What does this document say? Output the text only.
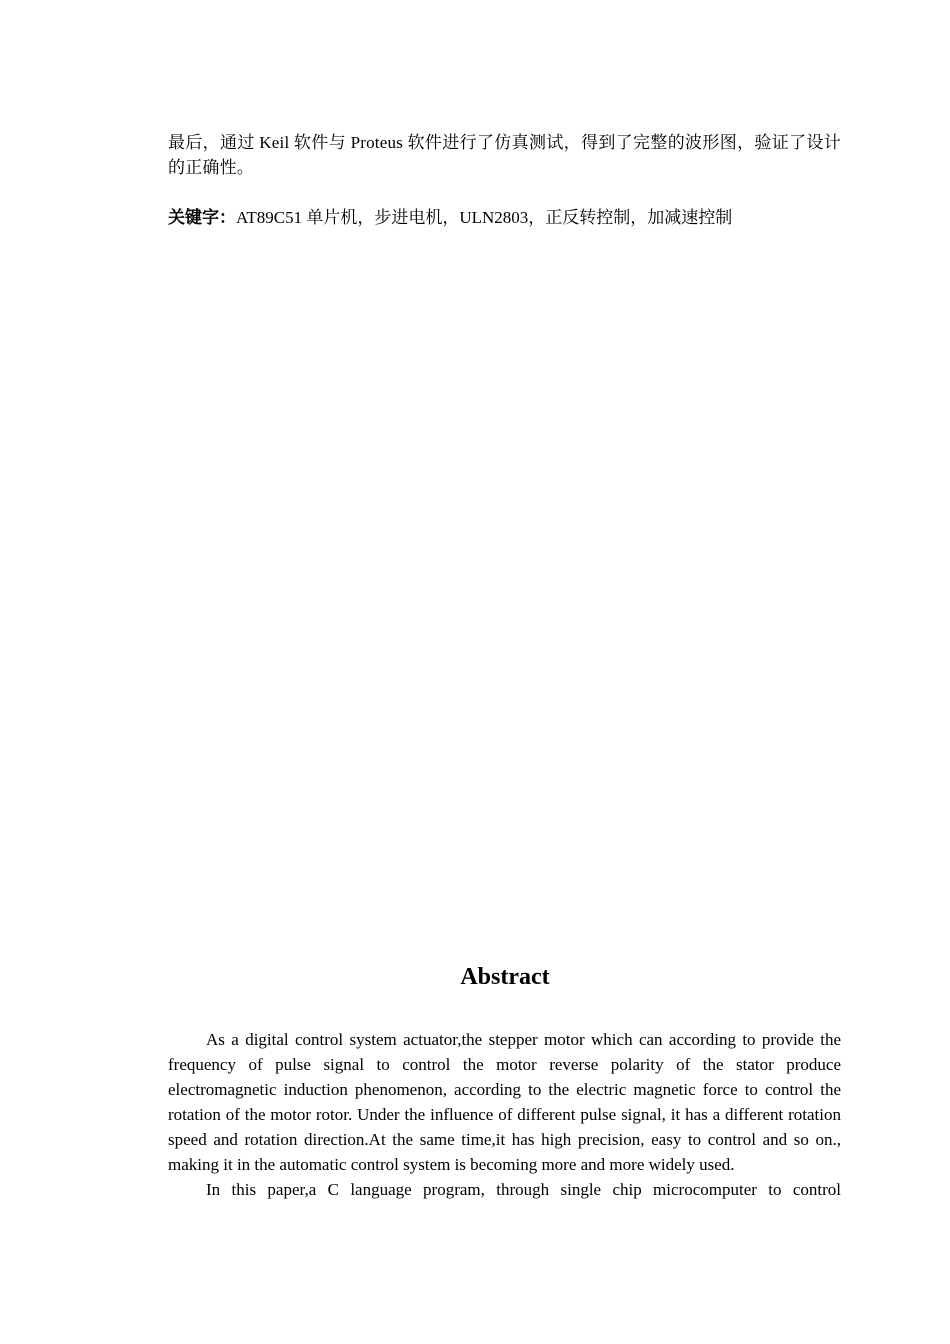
最后，通过 Keil 软件与 Proteus 软件进行了仿真测试，得到了完整的波形图，验证了设计的正确性。

关键字：AT89C51 单片机，步进电机，ULN2803，正反转控制，加减速控制

Abstract

As a digital control system actuator,the stepper motor which can according to provide the frequency of pulse signal to control the motor reverse polarity of the stator produce electromagnetic induction phenomenon, according to the electric magnetic force to control the rotation of the motor rotor. Under the influence of different pulse signal, it has a different rotation speed and rotation direction.At the same time,it has high precision, easy to control and so on., making it in the automatic control system is becoming more and more widely used.

In this paper,a C language program, through single chip microcomputer to control
